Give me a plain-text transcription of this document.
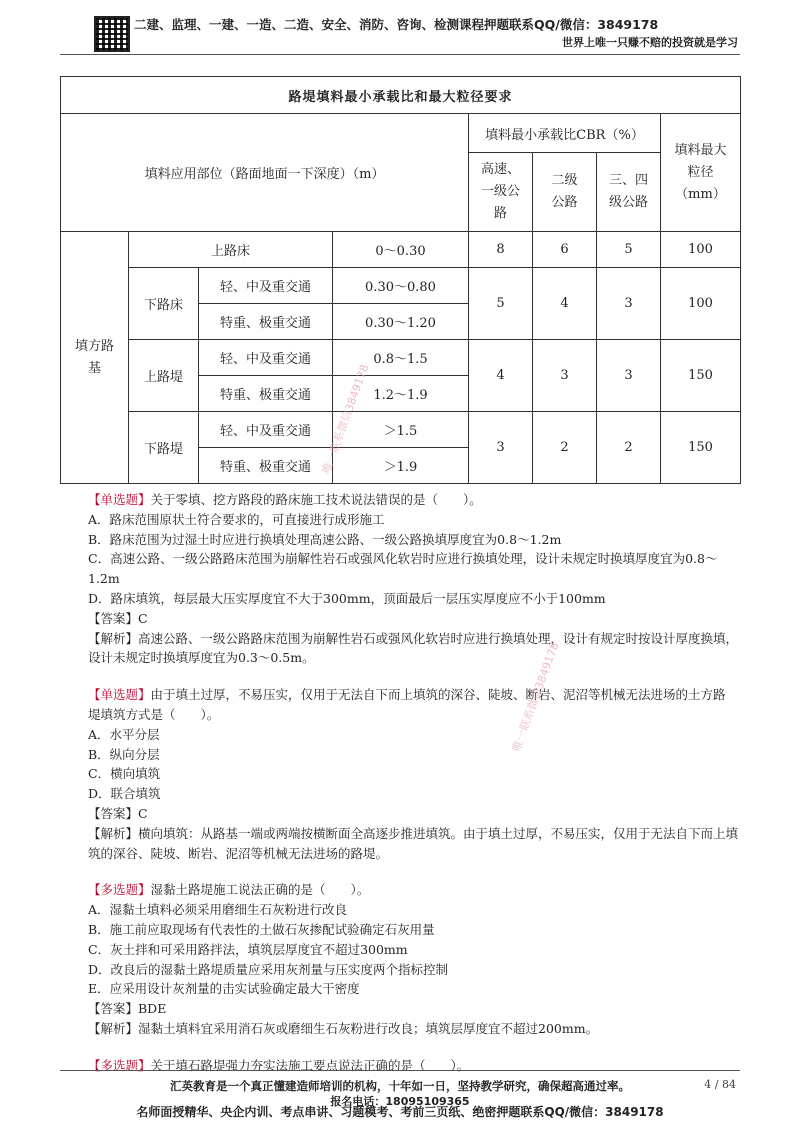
二建、监理、一建、一造、二造、安全、消防、咨询、检测课程押题联系QQ/微信：3849178
世界上唯一只赚不赔的投资就是学习
路堤填料最小承载比和最大粒径要求							
填料应用部位（路面地面一下深度）（m）				填料最小承载比CBR（%）			填料最大粒径（mm）
				高速、一级公路	二级公路	三、四级公路	
填方路基	上路床		0～0.30	8	6	5	100
	下路床	轻、中及重交通	0.30～0.80	5	4	3	100
		特重、极重交通	0.30～1.20				
	上路堤	轻、中及重交通	0.8～1.5	4	3	3	150
		特重、极重交通	1.2～1.9				
	下路堤	轻、中及重交通	＞1.5	3	2	2	150
		特重、极重交通	＞1.9				

【单选题】关于零填、挖方路段的路床施工技术说法错误的是（　　）。

A．路床范围原状土符合要求的，可直接进行成形施工

B．路床范围为过湿土时应进行换填处理高速公路、一级公路换填厚度宜为0.8～1.2m

C．高速公路、一级公路路床范围为崩解性岩石或强风化软岩时应进行换填处理，设计未规定时换填厚度宜为0.8～1.2m

D．路床填筑，每层最大压实厚度宜不大于300mm，顶面最后一层压实厚度应不小于100mm

【答案】C

【解析】高速公路、一级公路路床范围为崩解性岩石或强风化软岩时应进行换填处理，设计有规定时按设计厚度换填，设计未规定时换填厚度宜为0.3～0.5m。

【单选题】由于填土过厚，不易压实，仅用于无法自下而上填筑的深谷、陡坡、断岩、泥沼等机械无法进场的土方路堤填筑方式是（　　）。

A．水平分层

B．纵向分层

C．横向填筑

D．联合填筑

【答案】C

【解析】横向填筑：从路基一端或两端按横断面全高逐步推进填筑。由于填土过厚，不易压实，仅用于无法自下而上填筑的深谷、陡坡、断岩、泥沼等机械无法进场的路堤。

【多选题】湿黏土路堤施工说法正确的是（　　）。

A．湿黏土填料必须采用磨细生石灰粉进行改良

B．施工前应取现场有代表性的土做石灰掺配试验确定石灰用量

C．灰土拌和可采用路拌法，填筑层厚度宜不超过300mm

D．改良后的湿黏土路堤质量应采用灰剂量与压实度两个指标控制

E．应采用设计灰剂量的击实试验确定最大干密度

【答案】BDE

【解析】湿黏土填料宜采用消石灰或磨细生石灰粉进行改良；填筑层厚度宜不超过200mm。

【多选题】关于填石路堤强力夯实法施工要点说法正确的是（　　）。

唯一联系微信3849178
唯一联系微信3849178
汇英教育是一个真正懂建造师培训的机构，十年如一日，坚持教学研究，确保超高通过率。	4 / 84
报名电话：18095109365
名师面授精华、央企内训、考点串讲、习题模考、考前三页纸、绝密押题联系QQ/微信：3849178
